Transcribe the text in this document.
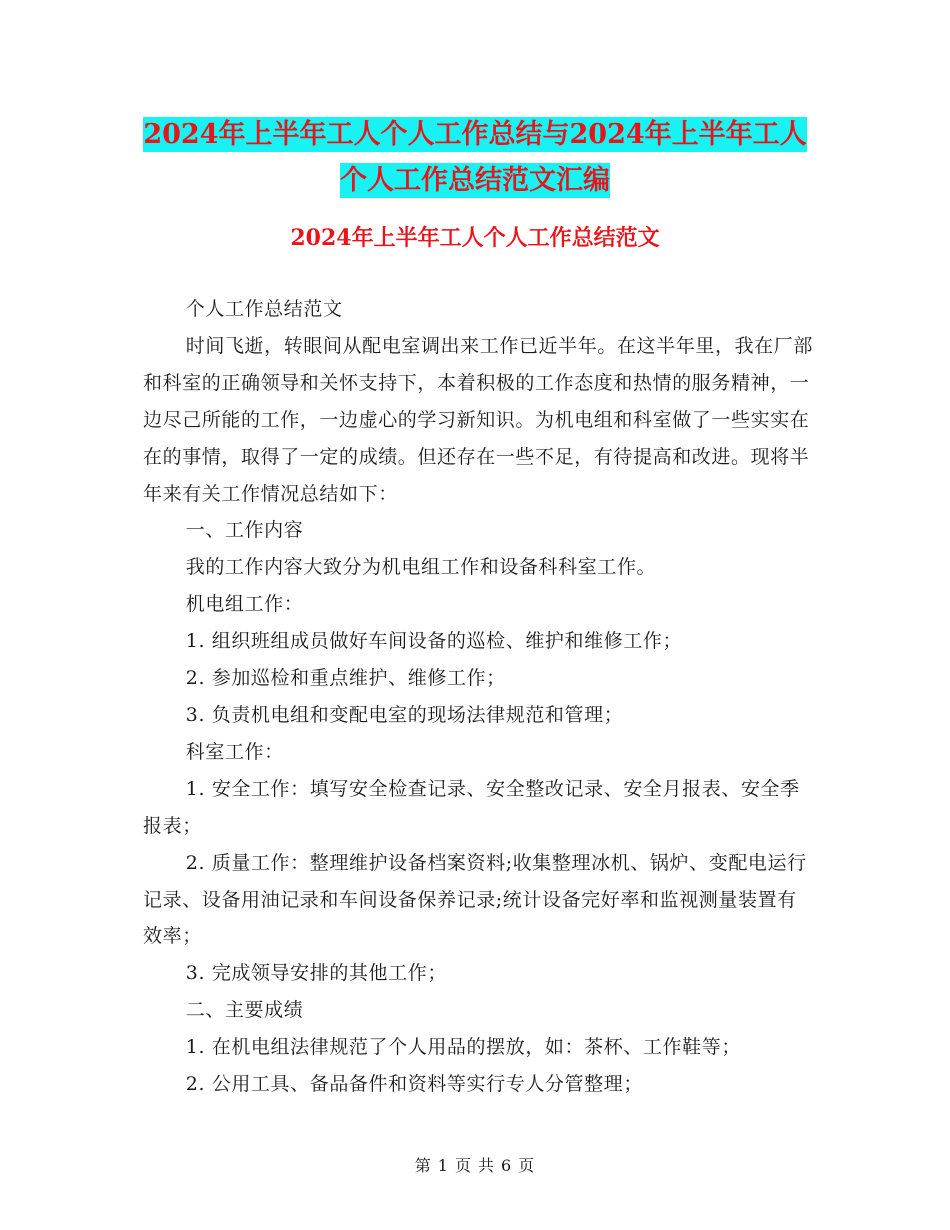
2024年上半年工人个人工作总结与2024年上半年工人
个人工作总结范文汇编
2024年上半年工人个人工作总结范文

个人工作总结范文

时间飞逝，转眼间从配电室调出来工作已近半年。在这半年里，我在厂部和科室的正确领导和关怀支持下，本着积极的工作态度和热情的服务精神，一边尽己所能的工作，一边虚心的学习新知识。为机电组和科室做了一些实实在在的事情，取得了一定的成绩。但还存在一些不足，有待提高和改进。现将半年来有关工作情况总结如下：

一、工作内容

我的工作内容大致分为机电组工作和设备科科室工作。

机电组工作：

1. 组织班组成员做好车间设备的巡检、维护和维修工作；

2. 参加巡检和重点维护、维修工作；

3. 负责机电组和变配电室的现场法律规范和管理；

科室工作：

1. 安全工作：填写安全检查记录、安全整改记录、安全月报表、安全季报表；

2. 质量工作：整理维护设备档案资料;收集整理冰机、锅炉、变配电运行记录、设备用油记录和车间设备保养记录;统计设备完好率和监视测量装置有效率；

3. 完成领导安排的其他工作；

二、主要成绩

1. 在机电组法律规范了个人用品的摆放，如：茶杯、工作鞋等；

2. 公用工具、备品备件和资料等实行专人分管整理；

第 1 页 共 6 页
